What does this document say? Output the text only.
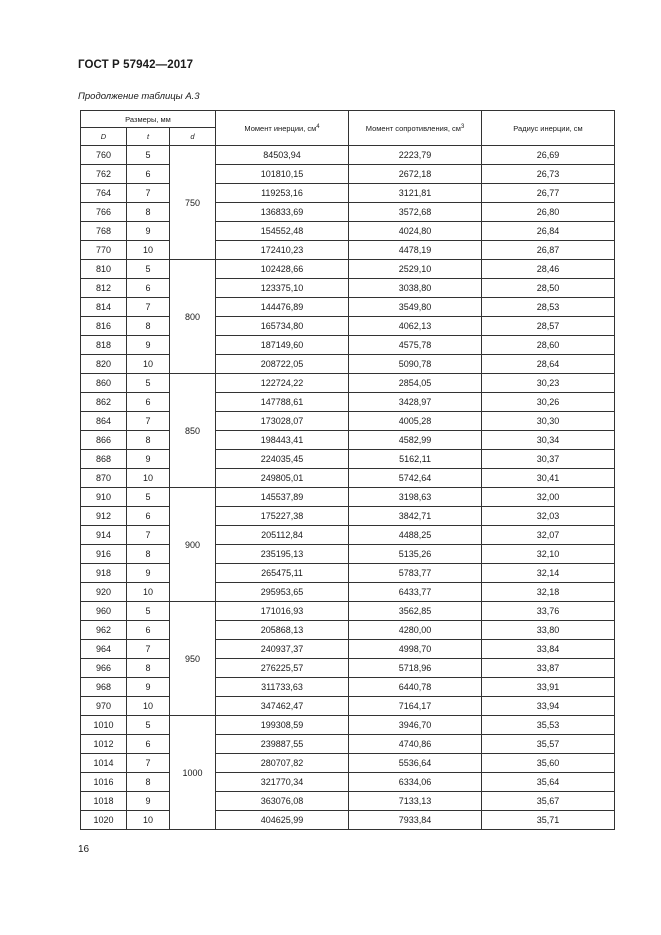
ГОСТ Р 57942—2017
Продолжение таблицы А.3
Размеры, мм			Момент инерции, $см^4$	Момент сопротивления, $см^3$	Радиус инерции, см
D	t	d			
760	5	750	84503,94	2223,79	26,69
762	6		101810,15	2672,18	26,73
764	7		119253,16	3121,81	26,77
766	8		136833,69	3572,68	26,80
768	9		154552,48	4024,80	26,84
770	10		172410,23	4478,19	26,87
810	5	800	102428,66	2529,10	28,46
812	6		123375,10	3038,80	28,50
814	7		144476,89	3549,80	28,53
816	8		165734,80	4062,13	28,57
818	9		187149,60	4575,78	28,60
820	10		208722,05	5090,78	28,64
860	5	850	122724,22	2854,05	30,23
862	6		147788,61	3428,97	30,26
864	7		173028,07	4005,28	30,30
866	8		198443,41	4582,99	30,34
868	9		224035,45	5162,11	30,37
870	10		249805,01	5742,64	30,41
910	5	900	145537,89	3198,63	32,00
912	6		175227,38	3842,71	32,03
914	7		205112,84	4488,25	32,07
916	8		235195,13	5135,26	32,10
918	9		265475,11	5783,77	32,14
920	10		295953,65	6433,77	32,18
960	5	950	171016,93	3562,85	33,76
962	6		205868,13	4280,00	33,80
964	7		240937,37	4998,70	33,84
966	8		276225,57	5718,96	33,87
968	9		311733,63	6440,78	33,91
970	10		347462,47	7164,17	33,94
1010	5	1000	199308,59	3946,70	35,53
1012	6		239887,55	4740,86	35,57
1014	7		280707,82	5536,64	35,60
1016	8		321770,34	6334,06	35,64
1018	9		363076,08	7133,13	35,67
1020	10		404625,99	7933,84	35,71
16
